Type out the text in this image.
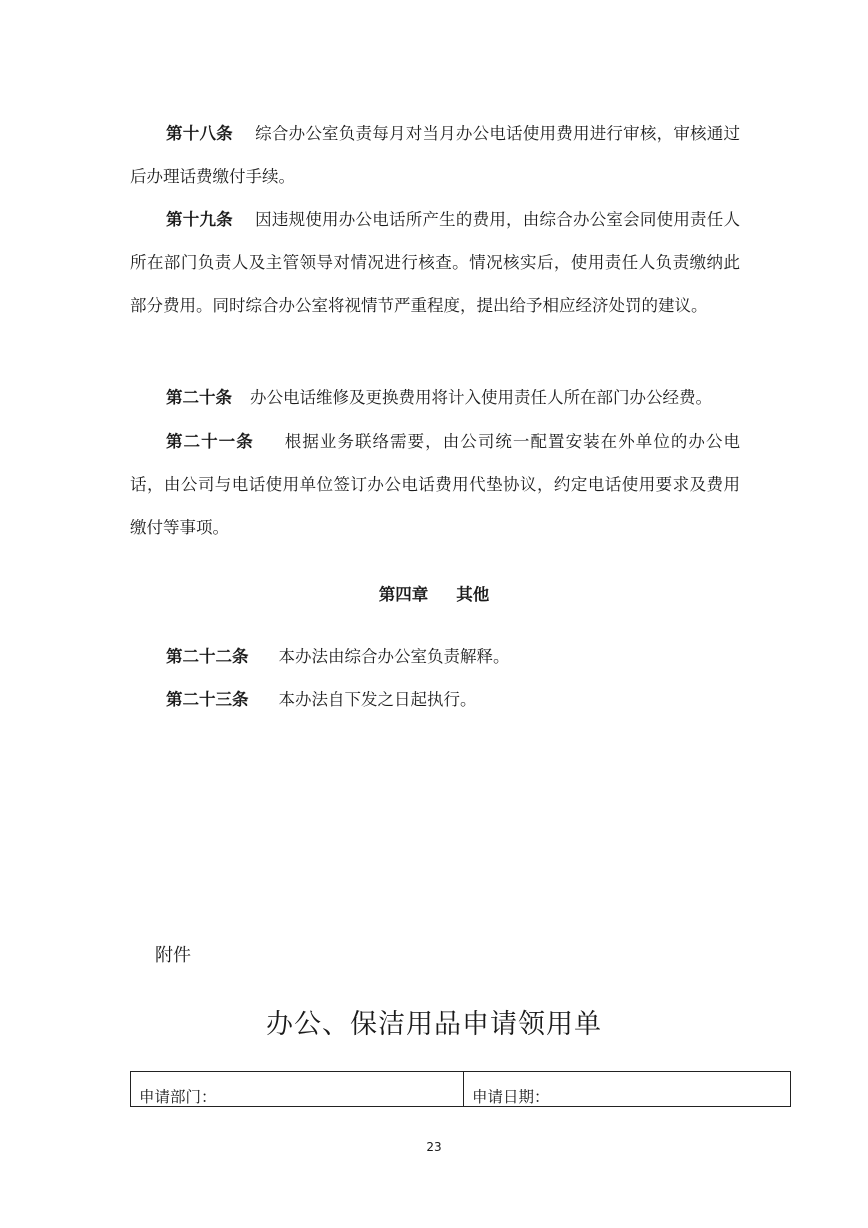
第十八条 综合办公室负责每月对当月办公电话使用费用进行审核，审核通过后办理话费缴付手续。

第十九条 因违规使用办公电话所产生的费用，由综合办公室会同使用责任人所在部门负责人及主管领导对情况进行核查。情况核实后，使用责任人负责缴纳此部分费用。同时综合办公室将视情节严重程度，提出给予相应经济处罚的建议。

第二十条 办公电话维修及更换费用将计入使用责任人所在部门办公经费。

第二十一条 根据业务联络需要，由公司统一配置安装在外单位的办公电话，由公司与电话使用单位签订办公电话费用代垫协议，约定电话使用要求及费用缴付等事项。

第四章 其他

第二十二条 本办法由综合办公室负责解释。

第二十三条 本办法自下发之日起执行。

附件
办公、保洁用品申请领用单
申请部门：	申请日期：
23
